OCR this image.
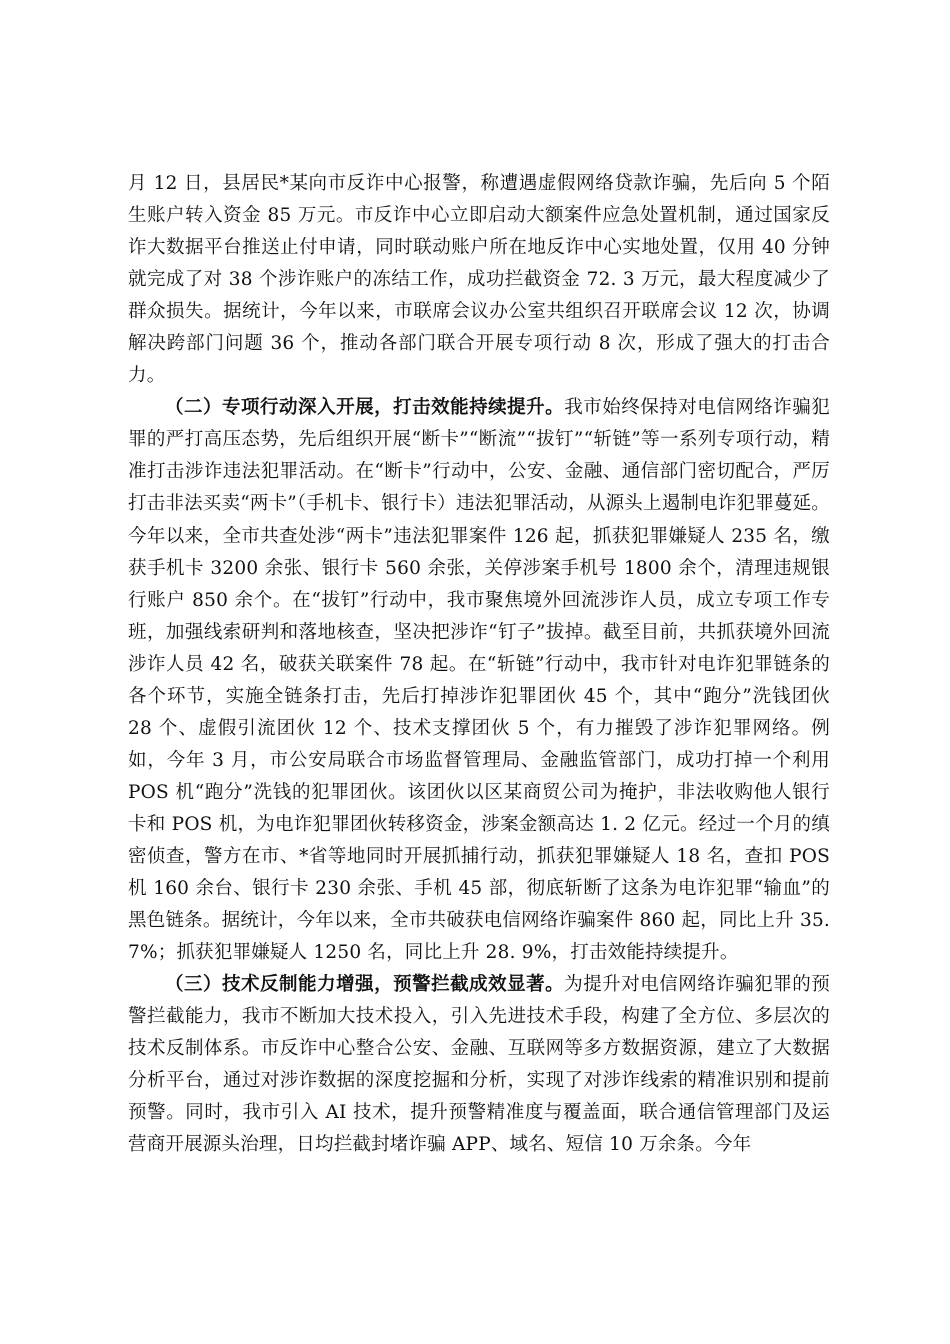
月 12 日，县居民*某向市反诈中心报警，称遭遇虚假网络贷款诈骗，先后向 5 个陌生账户转入资金 85 万元。市反诈中心立即启动大额案件应急处置机制，通过国家反诈大数据平台推送止付申请，同时联动账户所在地反诈中心实地处置，仅用 40 分钟就完成了对 38 个涉诈账户的冻结工作，成功拦截资金 72. 3 万元，最大程度减少了群众损失。据统计，今年以来，市联席会议办公室共组织召开联席会议 12 次，协调解决跨部门问题 36 个，推动各部门联合开展专项行动 8 次，形成了强大的打击合力。

（二）专项行动深入开展，打击效能持续提升。我市始终保持对电信网络诈骗犯罪的严打高压态势，先后组织开展“断卡”“断流”“拔钉”“斩链”等一系列专项行动，精准打击涉诈违法犯罪活动。在“断卡”行动中，公安、金融、通信部门密切配合，严厉打击非法买卖“两卡”（手机卡、银行卡）违法犯罪活动，从源头上遏制电诈犯罪蔓延。今年以来，全市共查处涉“两卡”违法犯罪案件 126 起，抓获犯罪嫌疑人 235 名，缴获手机卡 3200 余张、银行卡 560 余张，关停涉案手机号 1800 余个，清理违规银行账户 850 余个。在“拔钉”行动中，我市聚焦境外回流涉诈人员，成立专项工作专班，加强线索研判和落地核查，坚决把涉诈“钉子”拔掉。截至目前，共抓获境外回流涉诈人员 42 名，破获关联案件 78 起。在“斩链”行动中，我市针对电诈犯罪链条的各个环节，实施全链条打击，先后打掉涉诈犯罪团伙 45 个，其中“跑分”洗钱团伙 28 个、虚假引流团伙 12 个、技术支撑团伙 5 个，有力摧毁了涉诈犯罪网络。例如，今年 3 月，市公安局联合市场监督管理局、金融监管部门，成功打掉一个利用 POS 机“跑分”洗钱的犯罪团伙。该团伙以区某商贸公司为掩护，非法收购他人银行卡和 POS 机，为电诈犯罪团伙转移资金，涉案金额高达 1. 2 亿元。经过一个月的缜密侦查，警方在市、*省等地同时开展抓捕行动，抓获犯罪嫌疑人 18 名，查扣 POS 机 160 余台、银行卡 230 余张、手机 45 部，彻底斩断了这条为电诈犯罪“输血”的黑色链条。据统计，今年以来，全市共破获电信网络诈骗案件 860 起，同比上升 35. 7%；抓获犯罪嫌疑人 1250 名，同比上升 28. 9%，打击效能持续提升。

（三）技术反制能力增强，预警拦截成效显著。为提升对电信网络诈骗犯罪的预警拦截能力，我市不断加大技术投入，引入先进技术手段，构建了全方位、多层次的技术反制体系。市反诈中心整合公安、金融、互联网等多方数据资源，建立了大数据分析平台，通过对涉诈数据的深度挖掘和分析，实现了对涉诈线索的精准识别和提前预警。同时，我市引入 AI 技术，提升预警精准度与覆盖面，联合通信管理部门及运营商开展源头治理，日均拦截封堵诈骗 APP、域名、短信 10 万余条。今年
